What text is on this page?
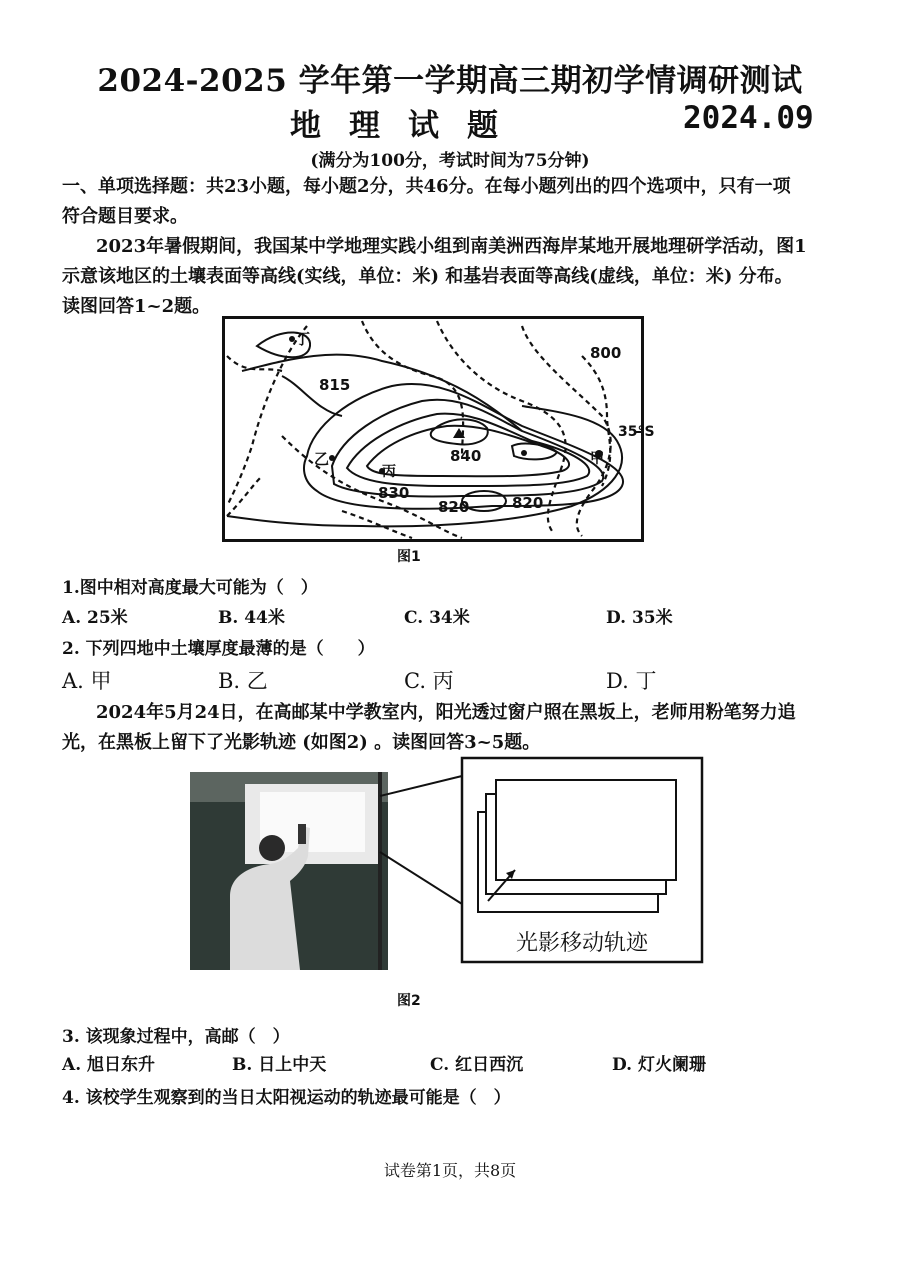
2024-2025 学年第一学期高三期初学情调研测试
地理试题	2024.09
(满分为100分，考试时间为75分钟)
一、单项选择题：共23小题，每小题2分，共46分。在每小题列出的四个选项中，只有一项
符合题目要求。
2023年暑假期间，我国某中学地理实践小组到南美洲西海岸某地开展地理研学活动，图1
示意该地区的土壤表面等高线(实线，单位：米) 和基岩表面等高线(虚线，单位：米) 分布。
读图回答1~2题。
丁
乙
丙
甲
35°S
800
815
840
830
820	820
图1
1.图中相对高度最大可能为（　）
A. 25米	B. 44米	C. 34米	D. 35米
2. 下列四地中土壤厚度最薄的是（　　）
A. 甲	B. 乙	C. 丙	D. 丁
2024年5月24日，在高邮某中学教室内，阳光透过窗户照在黑坂上，老师用粉笔努力追
光，在黑板上留下了光影轨迹 (如图2) 。读图回答3~5题。
光影移动轨迹
图2
3. 该现象过程中，高邮（　）
A. 旭日东升	B. 日上中天	C. 红日西沉	D. 灯火阑珊
4. 该校学生观察到的当日太阳视运动的轨迹最可能是（　）
试卷第1页，共8页
